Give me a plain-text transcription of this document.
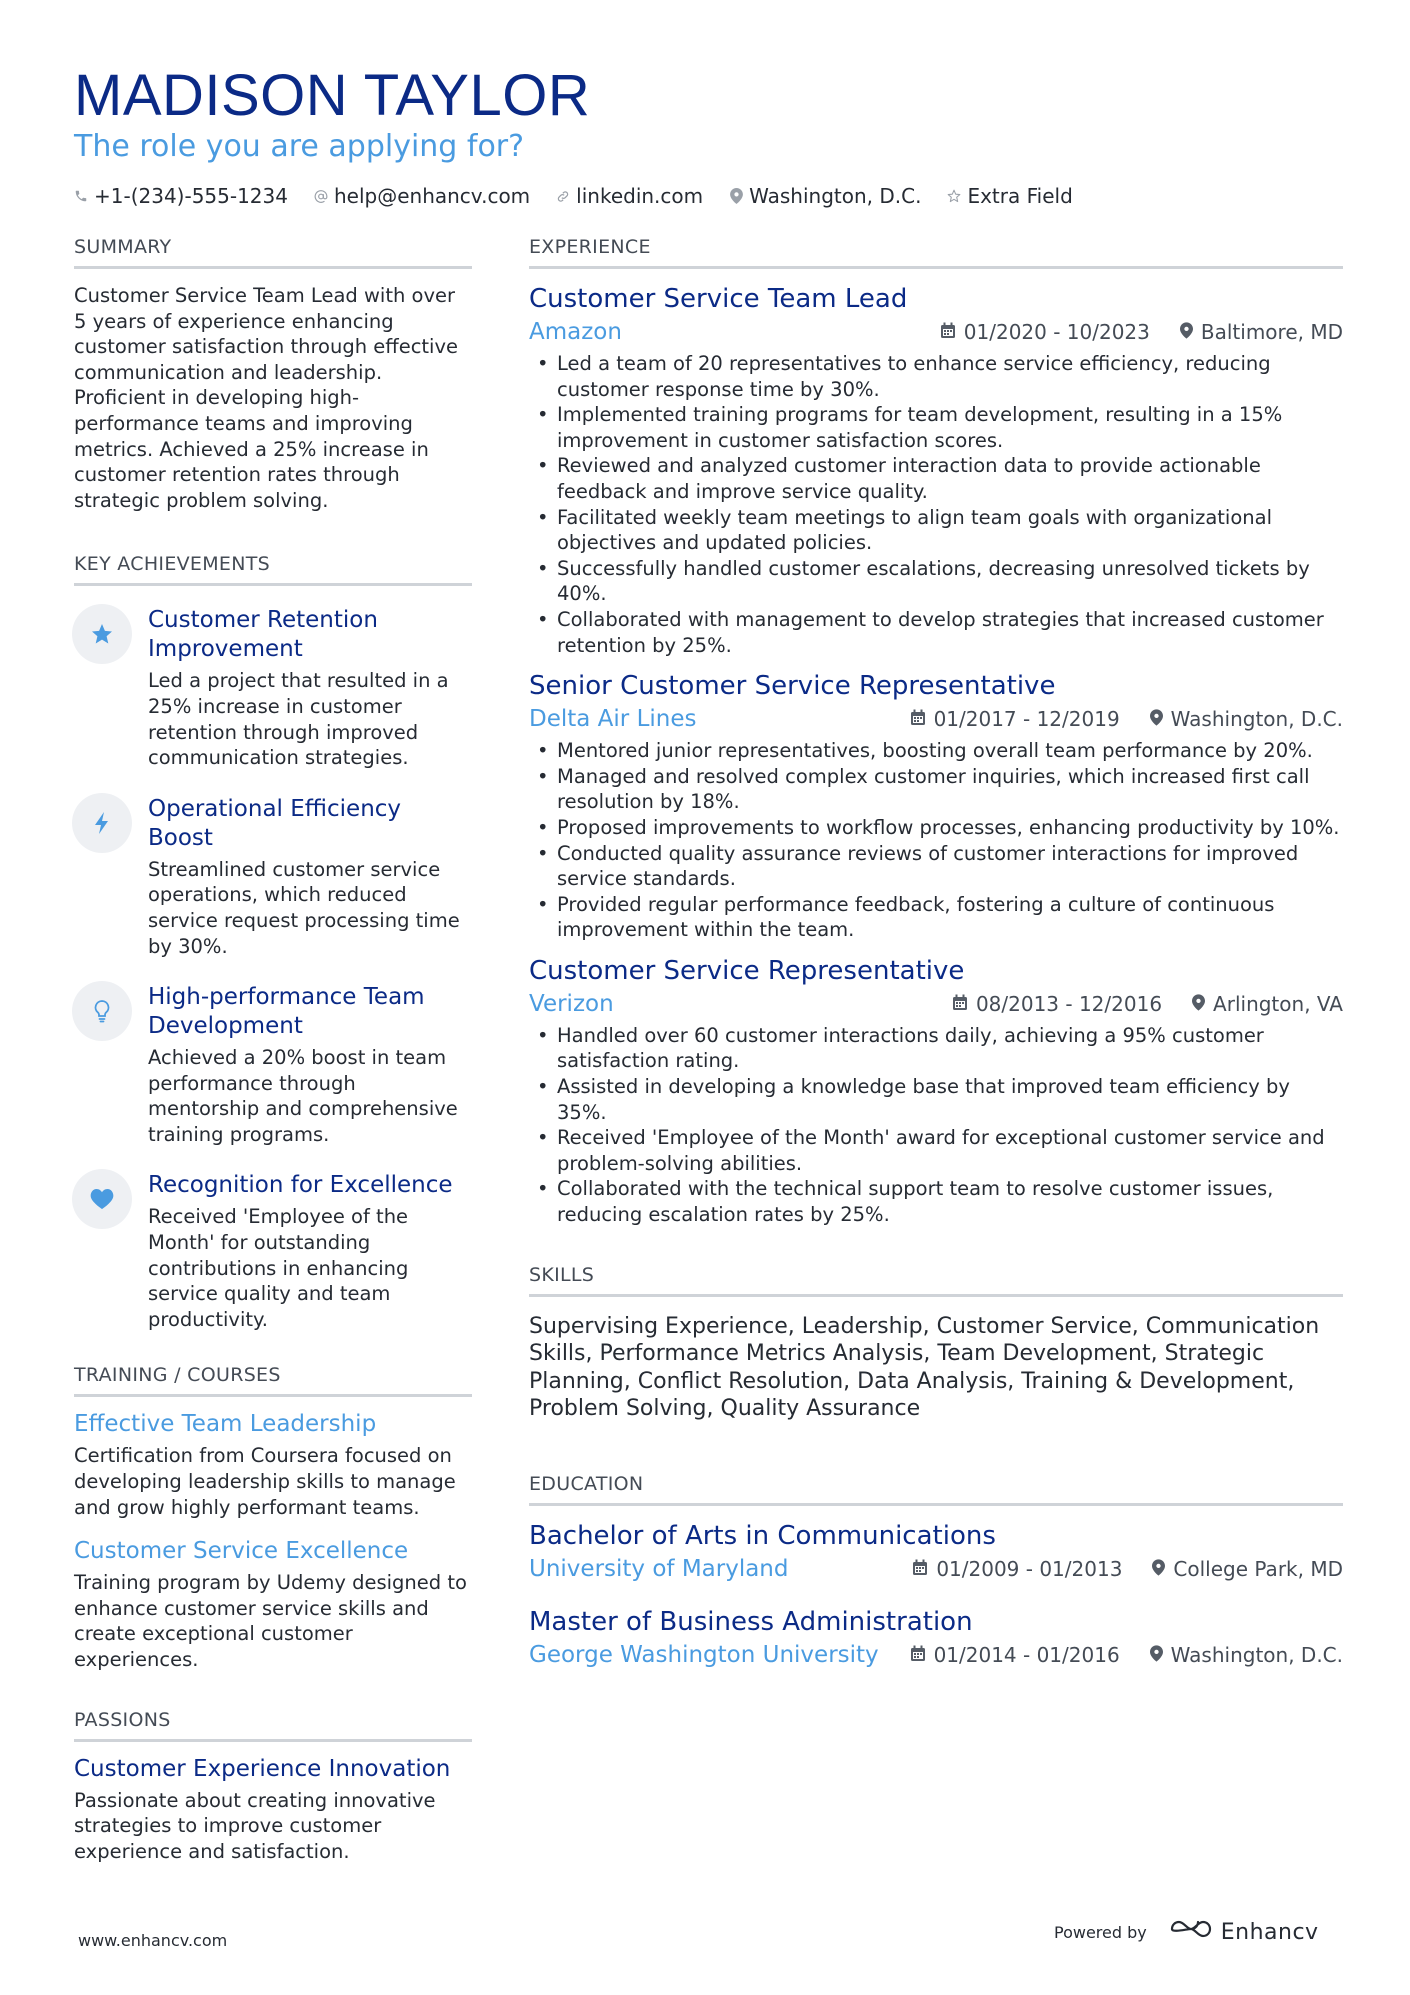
MADISON TAYLOR
The role you are applying for?
+1-(234)-555-1234 help@enhancv.com linkedin.com Washington, D.C. Extra Field
SUMMARY
Customer Service Team Lead with over 5 years of experience enhancing customer satisfaction through effective communication and leadership. Proficient in developing high-performance teams and improving metrics. Achieved a 25% increase in customer retention rates through strategic problem solving.
KEY ACHIEVEMENTS
Customer Retention Improvement
Led a project that resulted in a 25% increase in customer retention through improved communication strategies.
Operational Efficiency Boost
Streamlined customer service operations, which reduced service request processing time by 30%.
High-performance Team Development
Achieved a 20% boost in team performance through mentorship and comprehensive training programs.
Recognition for Excellence
Received 'Employee of the Month' for outstanding contributions in enhancing service quality and team productivity.
TRAINING / COURSES
Effective Team Leadership
Certification from Coursera focused on developing leadership skills to manage and grow highly performant teams.
Customer Service Excellence
Training program by Udemy designed to enhance customer service skills and create exceptional customer experiences.
PASSIONS
Customer Experience Innovation
Passionate about creating innovative strategies to improve customer experience and satisfaction.
EXPERIENCE
Customer Service Team Lead
Amazon	01/2020 - 10/2023	Baltimore, MD
• Led a team of 20 representatives to enhance service efficiency, reducing customer response time by 30%.
• Implemented training programs for team development, resulting in a 15% improvement in customer satisfaction scores.
• Reviewed and analyzed customer interaction data to provide actionable feedback and improve service quality.
• Facilitated weekly team meetings to align team goals with organizational objectives and updated policies.
• Successfully handled customer escalations, decreasing unresolved tickets by 40%.
• Collaborated with management to develop strategies that increased customer retention by 25%.
Senior Customer Service Representative
Delta Air Lines	01/2017 - 12/2019	Washington, D.C.
• Mentored junior representatives, boosting overall team performance by 20%.
• Managed and resolved complex customer inquiries, which increased first call resolution by 18%.
• Proposed improvements to workflow processes, enhancing productivity by 10%.
• Conducted quality assurance reviews of customer interactions for improved service standards.
• Provided regular performance feedback, fostering a culture of continuous improvement within the team.
Customer Service Representative
Verizon	08/2013 - 12/2016	Arlington, VA
• Handled over 60 customer interactions daily, achieving a 95% customer satisfaction rating.
• Assisted in developing a knowledge base that improved team efficiency by 35%.
• Received 'Employee of the Month' award for exceptional customer service and problem-solving abilities.
• Collaborated with the technical support team to resolve customer issues, reducing escalation rates by 25%.
SKILLS
Supervising Experience, Leadership, Customer Service, Communication Skills, Performance Metrics Analysis, Team Development, Strategic Planning, Conflict Resolution, Data Analysis, Training & Development, Problem Solving, Quality Assurance
EDUCATION
Bachelor of Arts in Communications
University of Maryland	01/2009 - 01/2013	College Park, MD
Master of Business Administration
George Washington University	01/2014 - 01/2016	Washington, D.C.
www.enhancv.com	Powered by	Enhancv
